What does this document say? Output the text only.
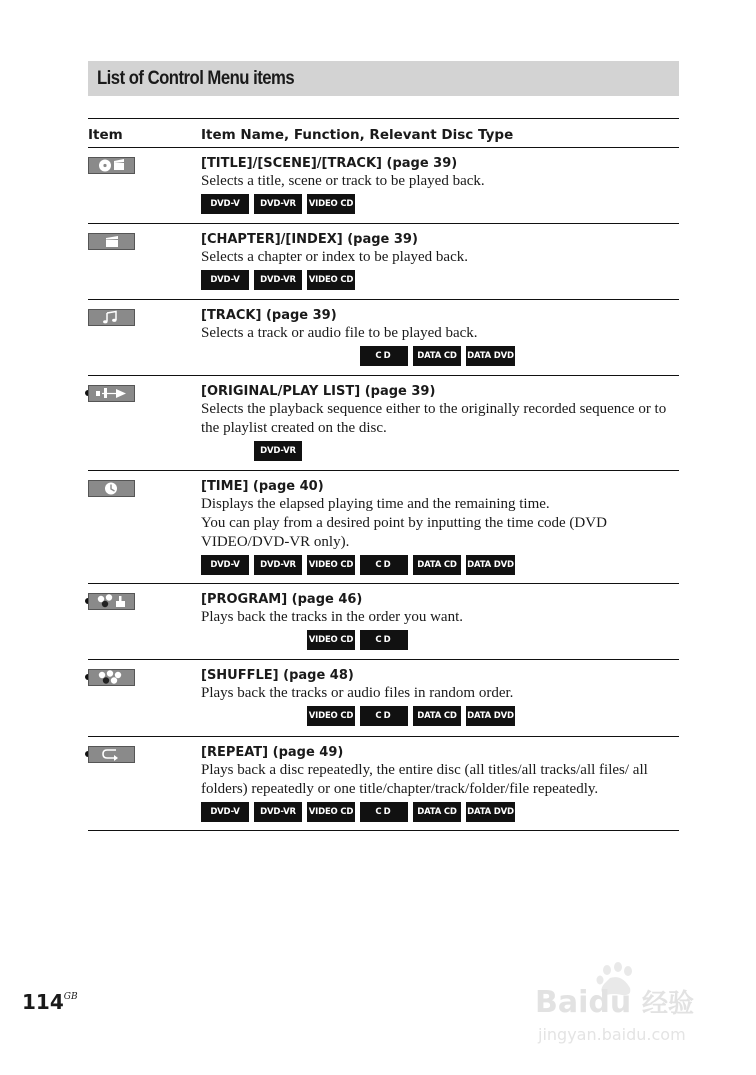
List of Control Menu items
Item	Item Name, Function, Relevant Disc Type
[TITLE]/[SCENE]/[TRACK] (page 39)
Selects a title, scene or track to be played back.
DVD-V	DVD-VR	VIDEO CD
[CHAPTER]/[INDEX] (page 39)
Selects a chapter or index to be played back.
DVD-V	DVD-VR	VIDEO CD
[TRACK] (page 39)
Selects a track or audio file to be played back.
CD	DATA CD	DATA DVD
[ORIGINAL/PLAY LIST] (page 39)
Selects the playback sequence either to the originally recorded sequence or to the playlist created on the disc.
DVD-VR
[TIME] (page 40)
Displays the elapsed playing time and the remaining time.
You can play from a desired point by inputting the time code (DVD VIDEO/DVD-VR only).
DVD-V	DVD-VR	VIDEO CD	CD	DATA CD	DATA DVD
[PROGRAM] (page 46)
Plays back the tracks in the order you want.
VIDEO CD	CD
[SHUFFLE] (page 48)
Plays back the tracks or audio files in random order.
VIDEO CD	CD	DATA CD	DATA DVD
[REPEAT] (page 49)
Plays back a disc repeatedly, the entire disc (all titles/all tracks/all files/ all folders) repeatedly or one title/chapter/track/folder/file repeatedly.
DVD-V	DVD-VR	VIDEO CD	CD	DATA CD	DATA DVD
$114^{GB}$	Baidu 经验
jingyan.baidu.com
